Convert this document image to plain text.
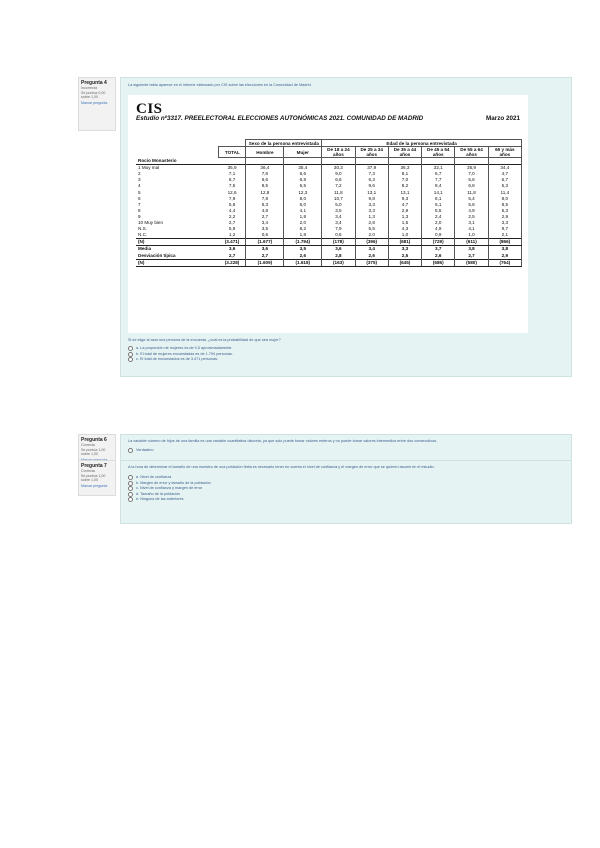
Pregunta 4
Incorrecta
Se puntúa 0,00
sobre 1,00
Marcar pregunta
La siguiente tabla aparece en el informe elaborado por CIS sobre las elecciones en la Comunidad de Madrid.
CIS
Estudio nº3317. PREELECTORAL ELECCIONES AUTONÓMICAS 2021. COMUNIDAD DE MADRID	Marzo 2021
		Sexo de la persona entrevistada		Edad de la persona entrevistada					
	TOTAL	Hombre	Mujer	De 18 a 24 años	De 25 a 34 años	De 35 a 44 años	De 45 a 54 años	De 55 a 64 años	65 y más años
Rocío Monasterio									
1 Muy mal	35,9	36,4	35,4	30,3	37,9	36,3	32,1	35,9	34,4
2	7,1	7,6	6,6	9,0	7,3	8,1	6,7	7,0	4,7
3	6,7	6,6	6,8	6,6	6,3	7,0	7,7	5,6	6,7
4	7,5	8,5	6,5	7,2	9,6	8,2	8,4	6,8	5,3
5	12,6	12,8	12,3	11,8	13,1	13,1	14,1	11,8	11,4
6	7,9	7,8	8,0	10,7	9,8	9,3	8,1	5,4	8,0
7	5,6	5,3	6,0	5,0	3,3	4,7	5,1	5,8	8,5
8	4,4	4,8	4,1	3,5	3,3	2,9	5,5	4,9	5,3
9	2,2	2,7	1,8	3,4	1,3	1,3	2,4	2,5	2,9
10 Muy bien	2,7	3,4	2,0	3,4	2,8	1,5	2,0	3,1	3,3
N.S.	5,9	3,5	8,2	7,9	5,5	4,3	4,9	4,1	9,7
N.C.	1,2	0,6	1,8	0,6	2,0	1,0	0,9	1,0	2,1
(N)	(3.471)	(1.677)	(1.794)	(178)	(396)	(681)	(729)	(611)	(866)
Media	3,6	3,6	3,5	3,6	3,4	3,3	3,7	3,8	3,8
Desviación típica	2,7	2,7	2,6	2,8	2,6	2,5	2,6	2,7	2,9
(N)	(3.228)	(1.609)	(1.618)	(163)	(375)	(645)	(686)	(580)	(764)
Si se elige al azar una persona de la encuesta, ¿cuál es la probabilidad de que sea mujer?
a. La proporción de mujeres es de 0,5 aproximadamente.
b. El total de mujeres encuestadas es de 1.794 personas.
c. El total de encuestados es de 3.471 personas.
Pregunta 6
Correcta
Se puntúa 1,00
sobre 1,00
La variable número de hijos de una familia es una variable cuantitativa discreta, ya que solo puede tomar valores enteros y no puede tomar valores intermedios entre dos consecutivos.
Verdadero
Pregunta 7
Correcta
Se puntúa 1,00
sobre 1,00
Marcar pregunta
A la hora de determinar el tamaño de una muestra de una población finita es necesario tener en cuenta el nivel de confianza y el margen de error que se quieren asumir en el estudio.
a. Nivel de confianza
b. Margen de error y tamaño de la población
c. Nivel de confianza y margen de error
d. Tamaño de la población
e. Ninguna de las anteriores
